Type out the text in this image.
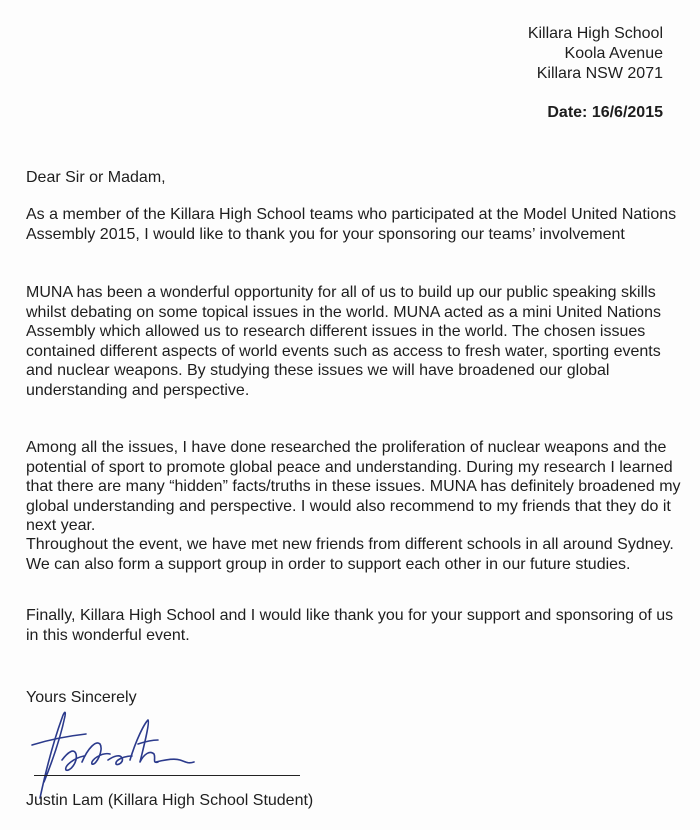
Killara High School
Koola Avenue
Killara NSW 2071
Date: 16/6/2015
Dear Sir or Madam,

As a member of the Killara High School teams who participated at the Model United Nations Assembly 2015, I would like to thank you for your sponsoring our teams’ involvement

MUNA has been a wonderful opportunity for all of us to build up our public speaking skills whilst debating on some topical issues in the world. MUNA acted as a mini United Nations Assembly which allowed us to research different issues in the world. The chosen issues contained different aspects of world events such as access to fresh water, sporting events and nuclear weapons. By studying these issues we will have broadened our global understanding and perspective.

Among all the issues, I have done researched the proliferation of nuclear weapons and the potential of sport to promote global peace and understanding. During my research I learned that there are many “hidden” facts/truths in these issues. MUNA has definitely broadened my global understanding and perspective. I would also recommend to my friends that they do it next year.

Throughout the event, we have met new friends from different schools in all around Sydney. We can also form a support group in order to support each other in our future studies.

Finally, Killara High School and I would like thank you for your support and sponsoring of us in this wonderful event.

Yours Sincerely
Justin Lam (Killara High School Student)
